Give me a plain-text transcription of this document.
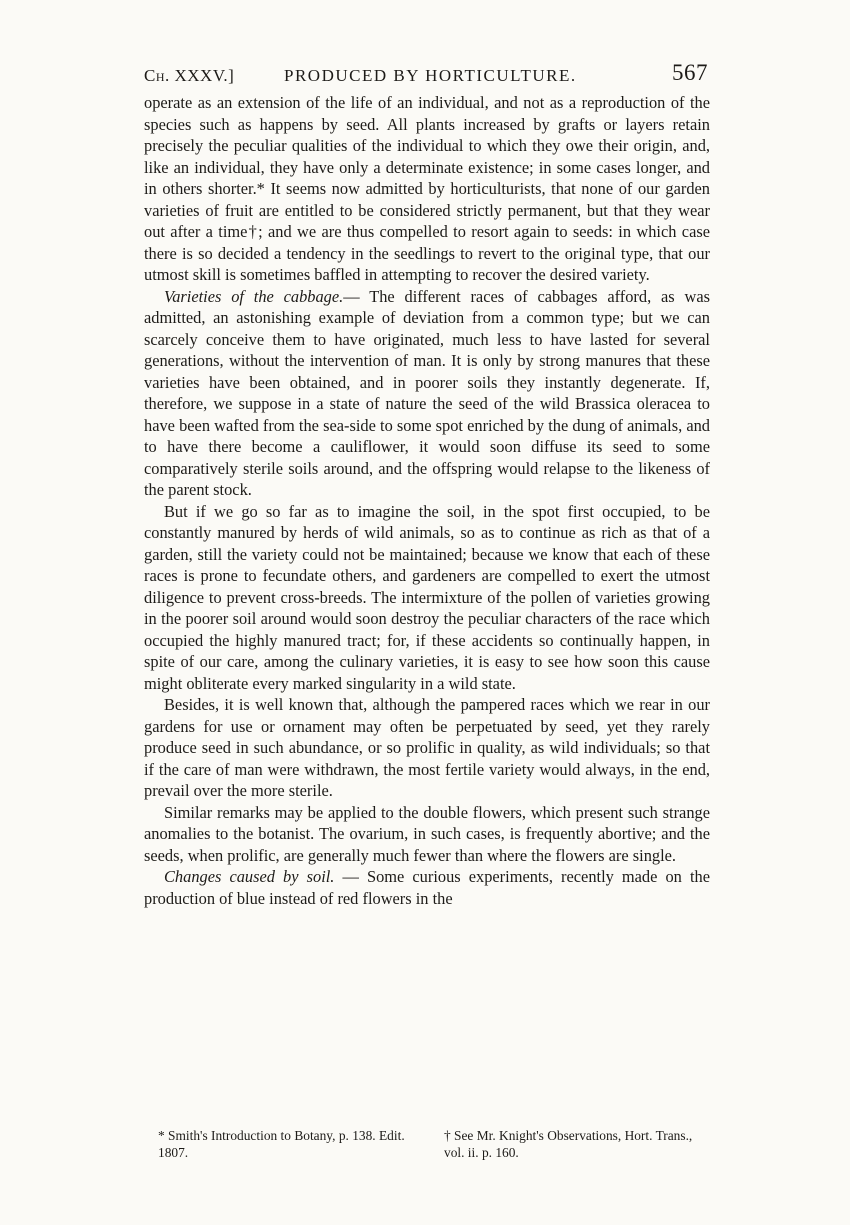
Ch. XXXV.]	PRODUCED BY HORTICULTURE.	567

operate as an extension of the life of an individual, and not as a reproduction of the species such as happens by seed. All plants increased by grafts or layers retain precisely the peculiar qualities of the individual to which they owe their origin, and, like an individual, they have only a determinate existence; in some cases longer, and in others shorter.* It seems now admitted by horticulturists, that none of our garden varieties of fruit are entitled to be considered strictly permanent, but that they wear out after a time†; and we are thus compelled to resort again to seeds: in which case there is so decided a tendency in the seedlings to revert to the original type, that our utmost skill is sometimes baffled in attempting to recover the desired variety.

Varieties of the cabbage.— The different races of cabbages afford, as was admitted, an astonishing example of deviation from a common type; but we can scarcely conceive them to have originated, much less to have lasted for several generations, without the intervention of man. It is only by strong manures that these varieties have been obtained, and in poorer soils they instantly degenerate. If, therefore, we suppose in a state of nature the seed of the wild Brassica oleracea to have been wafted from the sea-side to some spot enriched by the dung of animals, and to have there become a cauliflower, it would soon diffuse its seed to some comparatively sterile soils around, and the offspring would relapse to the likeness of the parent stock.

But if we go so far as to imagine the soil, in the spot first occupied, to be constantly manured by herds of wild animals, so as to continue as rich as that of a garden, still the variety could not be maintained; because we know that each of these races is prone to fecundate others, and gardeners are compelled to exert the utmost diligence to prevent cross-breeds. The intermixture of the pollen of varieties growing in the poorer soil around would soon destroy the peculiar characters of the race which occupied the highly manured tract; for, if these accidents so continually happen, in spite of our care, among the culinary varieties, it is easy to see how soon this cause might obliterate every marked singularity in a wild state.

Besides, it is well known that, although the pampered races which we rear in our gardens for use or ornament may often be perpetuated by seed, yet they rarely produce seed in such abundance, or so prolific in quality, as wild individuals; so that if the care of man were withdrawn, the most fertile variety would always, in the end, prevail over the more sterile.

Similar remarks may be applied to the double flowers, which present such strange anomalies to the botanist. The ovarium, in such cases, is frequently abortive; and the seeds, when prolific, are generally much fewer than where the flowers are single.

Changes caused by soil. — Some curious experiments, recently made on the production of blue instead of red flowers in the

* Smith's Introduction to Botany, p. 138. Edit. 1807.
† See Mr. Knight's Observations, Hort. Trans., vol. ii. p. 160.
